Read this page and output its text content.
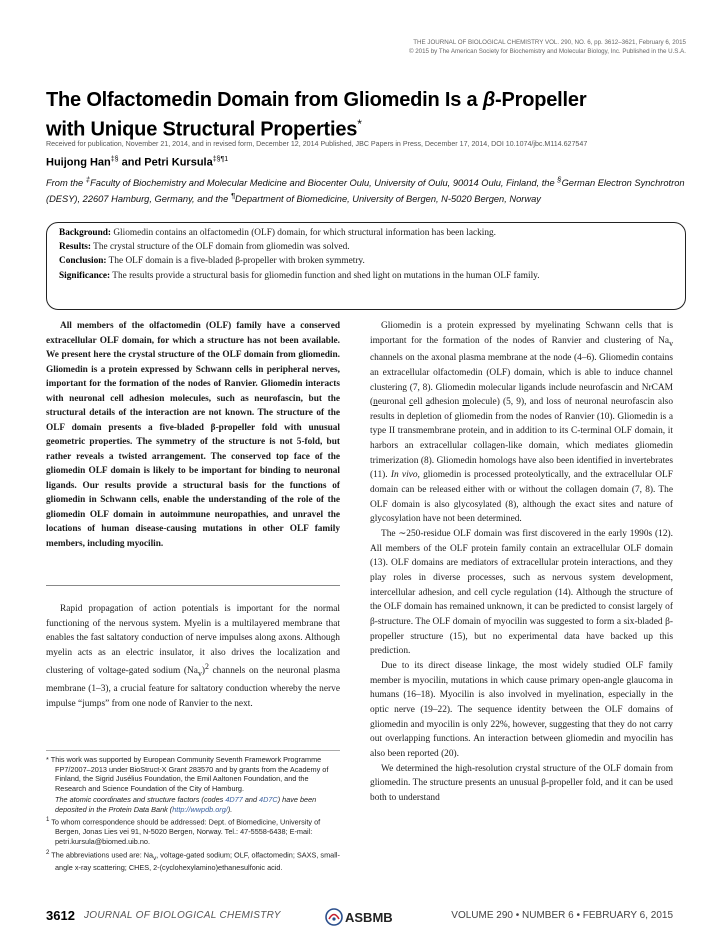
THE JOURNAL OF BIOLOGICAL CHEMISTRY VOL. 290, NO. 6, pp. 3612–3621, February 6, 2015
© 2015 by The American Society for Biochemistry and Molecular Biology, Inc. Published in the U.S.A.
The Olfactomedin Domain from Gliomedin Is a β-Propeller
with Unique Structural Properties*
Received for publication, November 21, 2014, and in revised form, December 12, 2014 Published, JBC Papers in Press, December 17, 2014, DOI 10.1074/jbc.M114.627547
Huijong Han‡§ and Petri Kursula$^{\ddagger\S\P 1}$
From the ‡Faculty of Biochemistry and Molecular Medicine and Biocenter Oulu, University of Oulu, 90014 Oulu, Finland, the §German Electron Synchrotron (DESY), 22607 Hamburg, Germany, and the ¶Department of Biomedicine, University of Bergen, N-5020 Bergen, Norway

Background: Gliomedin contains an olfactomedin (OLF) domain, for which structural information has been lacking.

Results: The crystal structure of the OLF domain from gliomedin was solved.

Conclusion: The OLF domain is a five-bladed β-propeller with broken symmetry.

Significance: The results provide a structural basis for gliomedin function and shed light on mutations in the human OLF family.

All members of the olfactomedin (OLF) family have a conserved extracellular OLF domain, for which a structure has not been available. We present here the crystal structure of the OLF domain from gliomedin. Gliomedin is a protein expressed by Schwann cells in peripheral nerves, important for the formation of the nodes of Ranvier. Gliomedin interacts with neuronal cell adhesion molecules, such as neurofascin, but the structural details of the interaction are not known. The structure of the OLF domain presents a five-bladed β-propeller fold with unusual geometric properties. The symmetry of the structure is not 5-fold, but rather reveals a twisted arrangement. The conserved top face of the gliomedin OLF domain is likely to be important for binding to neuronal ligands. Our results provide a structural basis for the functions of gliomedin in Schwann cells, enable the understanding of the role of the gliomedin OLF domain in autoimmune neuropathies, and unravel the locations of human disease-causing mutations in other OLF family members, including myocilin.

Rapid propagation of action potentials is important for the normal functioning of the nervous system. Myelin is a multilayered membrane that enables the fast saltatory conduction of nerve impulses along axons. Although myelin acts as an electric insulator, it also drives the localization and clustering of voltage-gated sodium $(Na_v)^2$ channels on the neuronal plasma membrane (1–3), a crucial feature for saltatory conduction whereby the nerve impulse “jumps” from one node of Ranvier to the next.

* This work was supported by European Community Seventh Framework Programme FP7/2007–2013 under BioStruct-X Grant 283570 and by grants from the Academy of Finland, the Sigrid Jusélius Foundation, the Emil Aaltonen Foundation, and the Research and Science Foundation of the City of Hamburg.

The atomic coordinates and structure factors (codes 4D77 and 4D7C) have been deposited in the Protein Data Bank (http://wwpdb.org/).

$^1$ To whom correspondence should be addressed: Dept. of Biomedicine, University of Bergen, Jonas Lies vei 91, N-5020 Bergen, Norway. Tel.: 47-5558-6438; E-mail: petri.kursula@biomed.uib.no.

$^2$ The abbreviations used are: $Na_v$, voltage-gated sodium; OLF, olfactomedin; SAXS, small-angle x-ray scattering; CHES, 2-(cyclohexylamino)ethanesulfonic acid.

Gliomedin is a protein expressed by myelinating Schwann cells that is important for the formation of the nodes of Ranvier and clustering of $Na_v$ channels on the axonal plasma membrane at the node (4–6). Gliomedin contains an extracellular olfactomedin (OLF) domain, which is able to induce channel clustering (7, 8). Gliomedin molecular ligands include neurofascin and NrCAM (neuronal cell adhesion molecule) (5, 9), and loss of neuronal neurofascin also results in depletion of gliomedin from the nodes of Ranvier (10). Gliomedin is a type II transmembrane protein, and in addition to its C-terminal OLF domain, it harbors an extracellular collagen-like domain, which mediates gliomedin trimerization (8). Gliomedin homologs have also been identified in invertebrates (11). In vivo, gliomedin is processed proteolytically, and the extracellular OLF domain can be released either with or without the collagen domain (7, 8). The OLF domain is also glycosylated (8), although the exact sites and nature of glycosylation have not been determined.

The ∼250-residue OLF domain was first discovered in the early 1990s (12). All members of the OLF protein family contain an extracellular OLF domain (13). OLF domains are mediators of extracellular protein interactions, and they play roles in diverse processes, such as nervous system development, intercellular adhesion, and cell cycle regulation (14). Although the structure of the OLF domain has remained unknown, it can be predicted to consist largely of β-structure. The OLF domain of myocilin was suggested to form a six-bladed β-propeller structure (15), but no experimental data have backed up this prediction.

Due to its direct disease linkage, the most widely studied OLF family member is myocilin, mutations in which cause primary open-angle glaucoma in humans (16–18). Myocilin is also involved in myelination, especially in the optic nerve (19–22). The sequence identity between the OLF domains of gliomedin and myocilin is only 22%, however, suggesting that they do not carry out overlapping functions. An interaction between gliomedin and myocilin has also been reported (20).

We determined the high-resolution crystal structure of the OLF domain from gliomedin. The structure presents an unusual β-propeller fold, and it can be used both to understand

3612 JOURNAL OF BIOLOGICAL CHEMISTRY	ASBMB	VOLUME 290 • NUMBER 6 • FEBRUARY 6, 2015
